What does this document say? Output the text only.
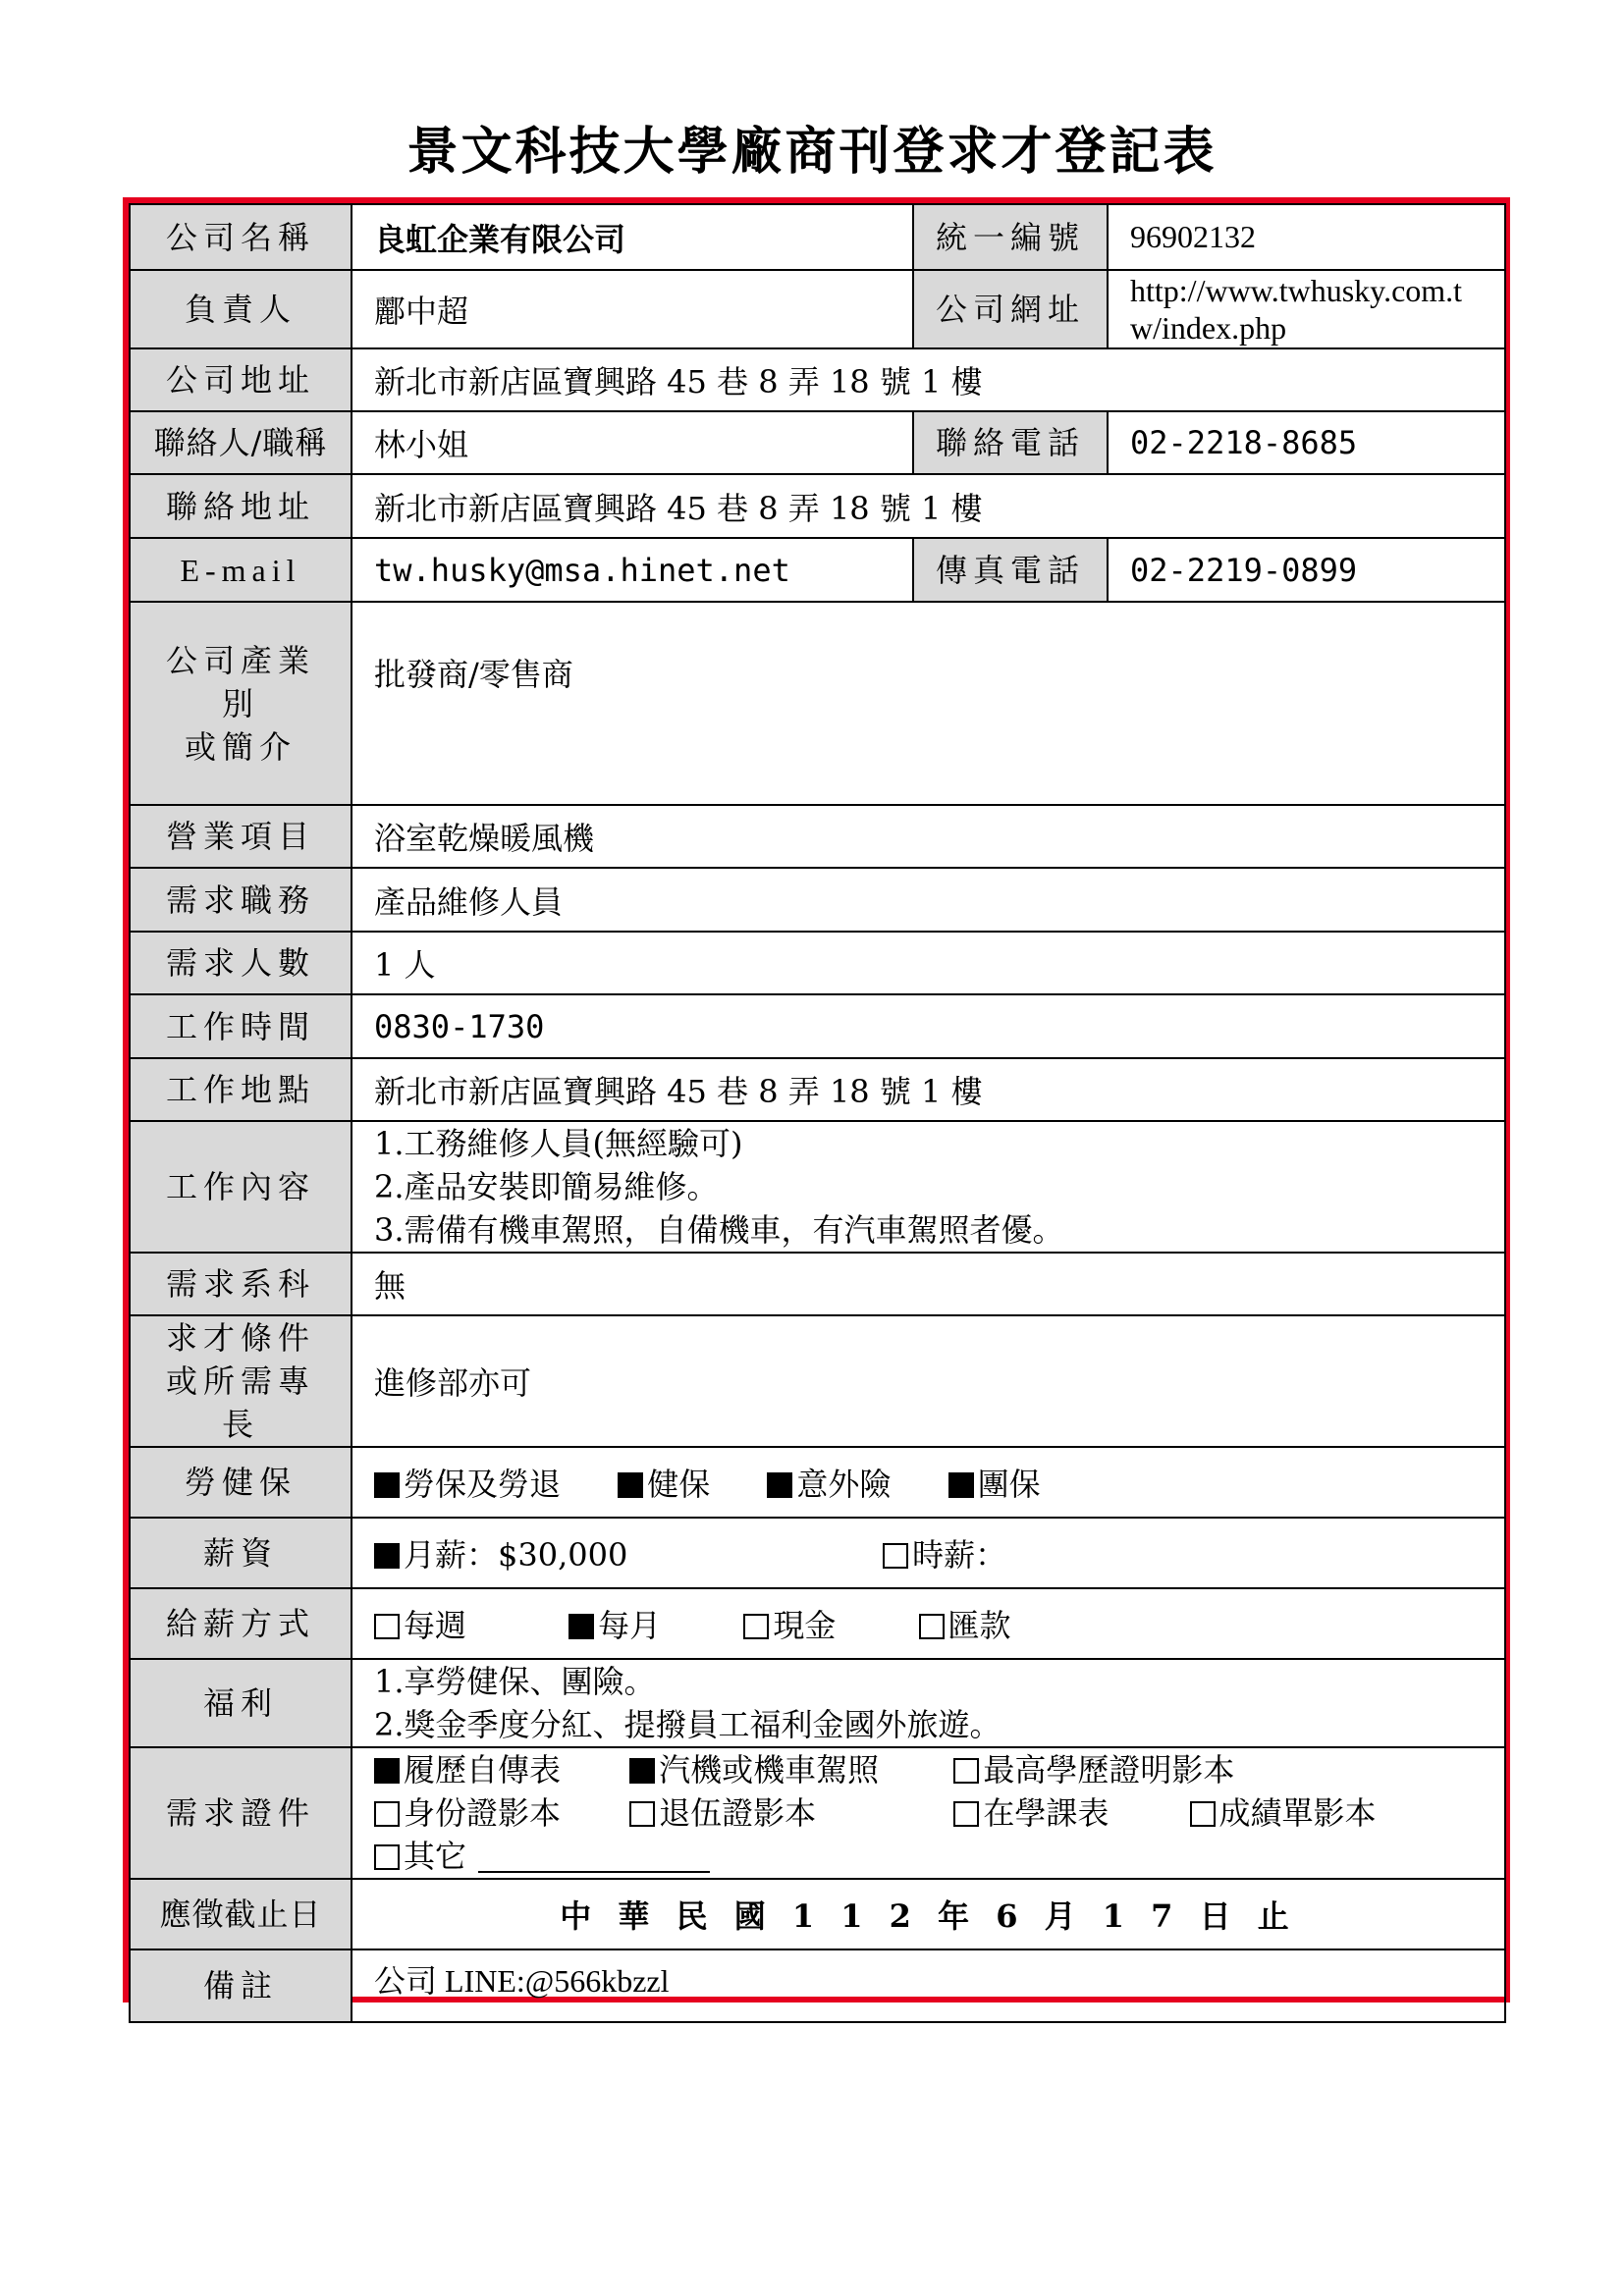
景文科技大學廠商刊登求才登記表
公司名稱	良虹企業有限公司	統一編號	96902132
負責人	酈中超	公司網址	http://www.twhusky.com.t
w/index.php

公司地址	新北市新店區寶興路 45 巷 8 弄 18 號 1 樓		
聯絡人/職稱	林小姐	聯絡電話	02-2218-8685
聯絡地址	新北市新店區寶興路 45 巷 8 弄 18 號 1 樓		
E-mail	tw.husky@msa.hinet.net	傳真電話	02-2219-0899

公司產業別
或簡介	批發商/零售商		
營業項目	浴室乾燥暖風機		
需求職務	產品維修人員		
需求人數	1 人		
工作時間	0830-1730		
工作地點	新北市新店區寶興路 45 巷 8 弄 18 號 1 樓		
工作內容	1.工務維修人員(無經驗可)
2.產品安裝即簡易維修。
3.需備有機車駕照，自備機車，有汽車駕照者優。		

需求系科	無		

求才條件
或所需專長	進修部亦可		
勞健保	勞保及勞退 健保 意外險 團保		
薪資	月薪：$30,000 時薪：		
給薪方式	每週 每月 現金 匯款		
福利	1.享勞健保、團險。
2.獎金季度分紅、提撥員工福利金國外旅遊。		

需求證件	履歷自傳表 汽機或機車駕照 最高學歷證明影本
身份證影本 退伍證影本 在學課表 成績單影本
其它		

應徵截止日	中 華 民 國 1 1 2 年 6 月 1 7 日 止		
備註	公司 LINE:@566kbzzl		
